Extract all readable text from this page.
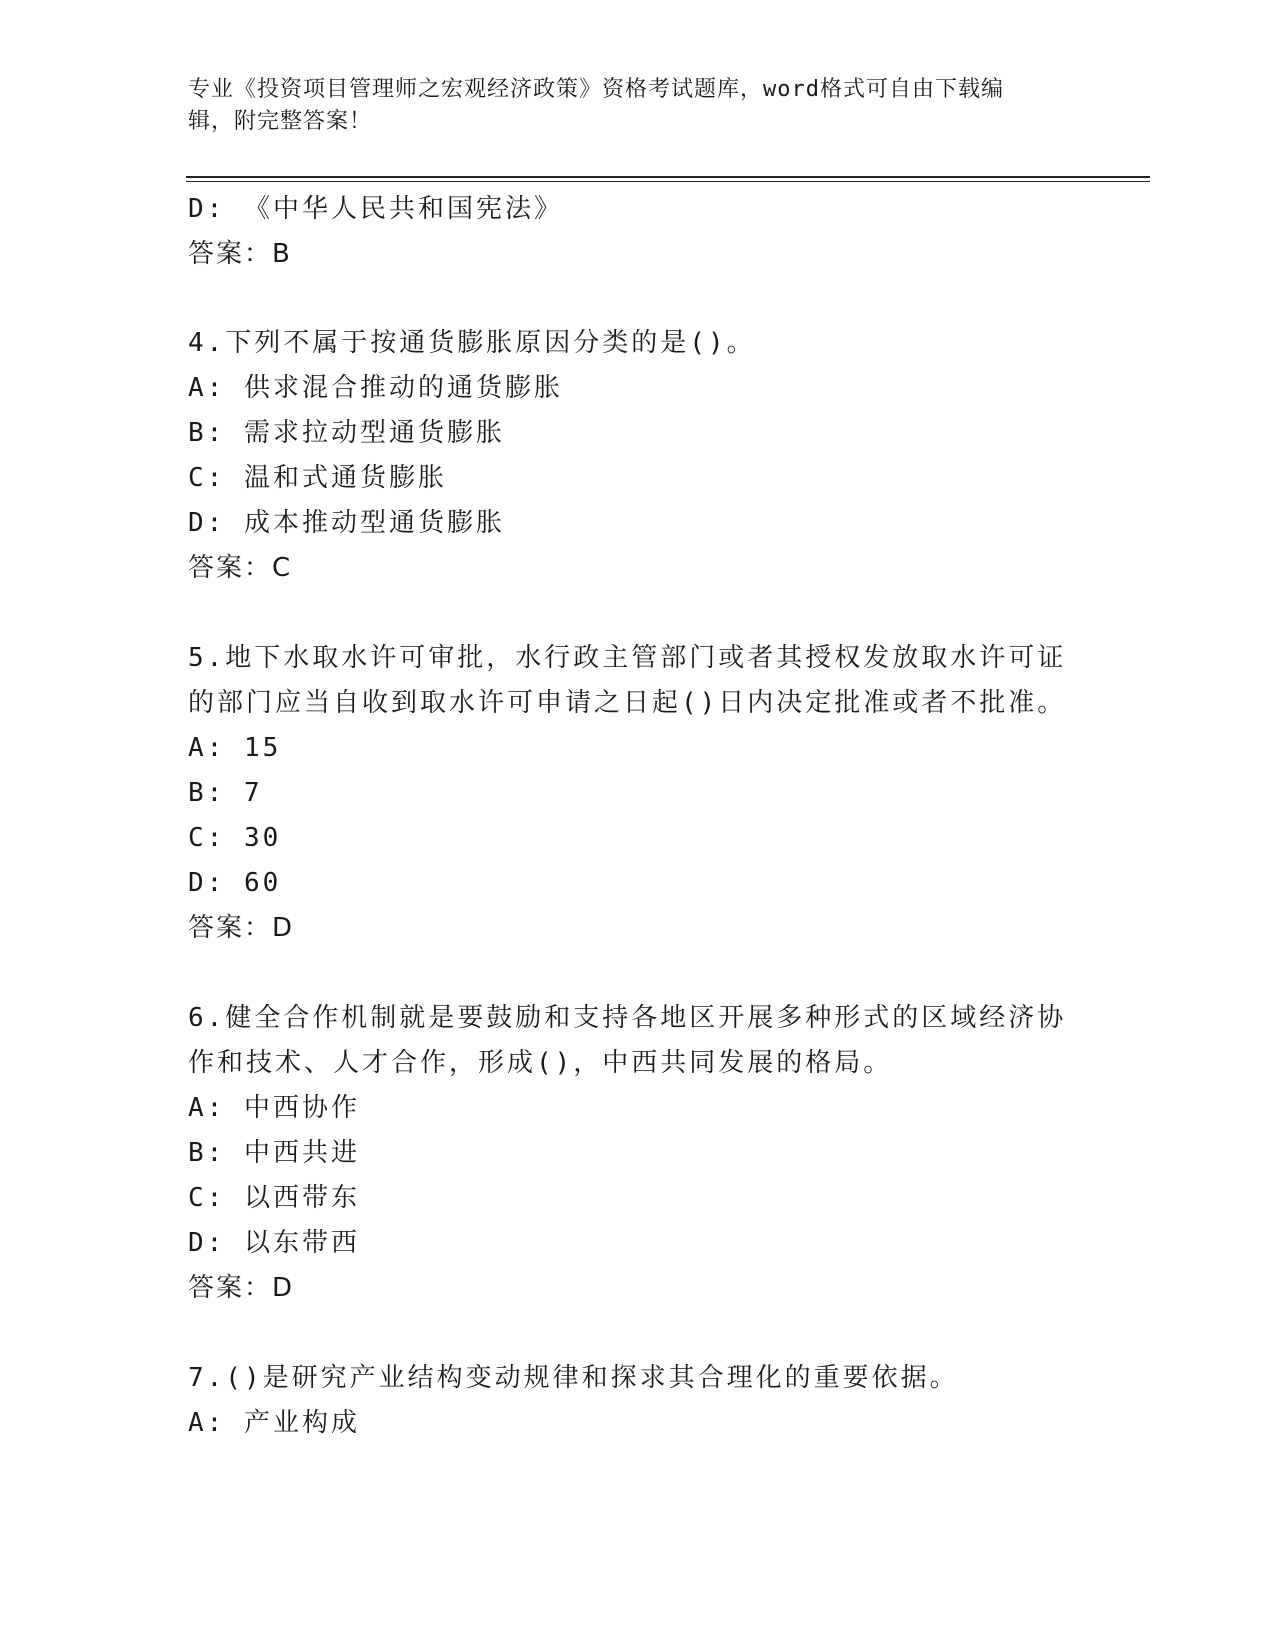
专业《投资项目管理师之宏观经济政策》资格考试题库，word格式可自由下载编
辑，附完整答案！
D: 《中华人民共和国宪法》
答案：B
4.下列不属于按通货膨胀原因分类的是()。
A: 供求混合推动的通货膨胀
B: 需求拉动型通货膨胀
C: 温和式通货膨胀
D: 成本推动型通货膨胀
答案：C
5.地下水取水许可审批，水行政主管部门或者其授权发放取水许可证
的部门应当自收到取水许可申请之日起()日内决定批准或者不批准。
A: 15
B: 7
C: 30
D: 60
答案：D
6.健全合作机制就是要鼓励和支持各地区开展多种形式的区域经济协
作和技术、人才合作，形成()，中西共同发展的格局。
A: 中西协作
B: 中西共进
C: 以西带东
D: 以东带西
答案：D
7.()是研究产业结构变动规律和探求其合理化的重要依据。
A: 产业构成
